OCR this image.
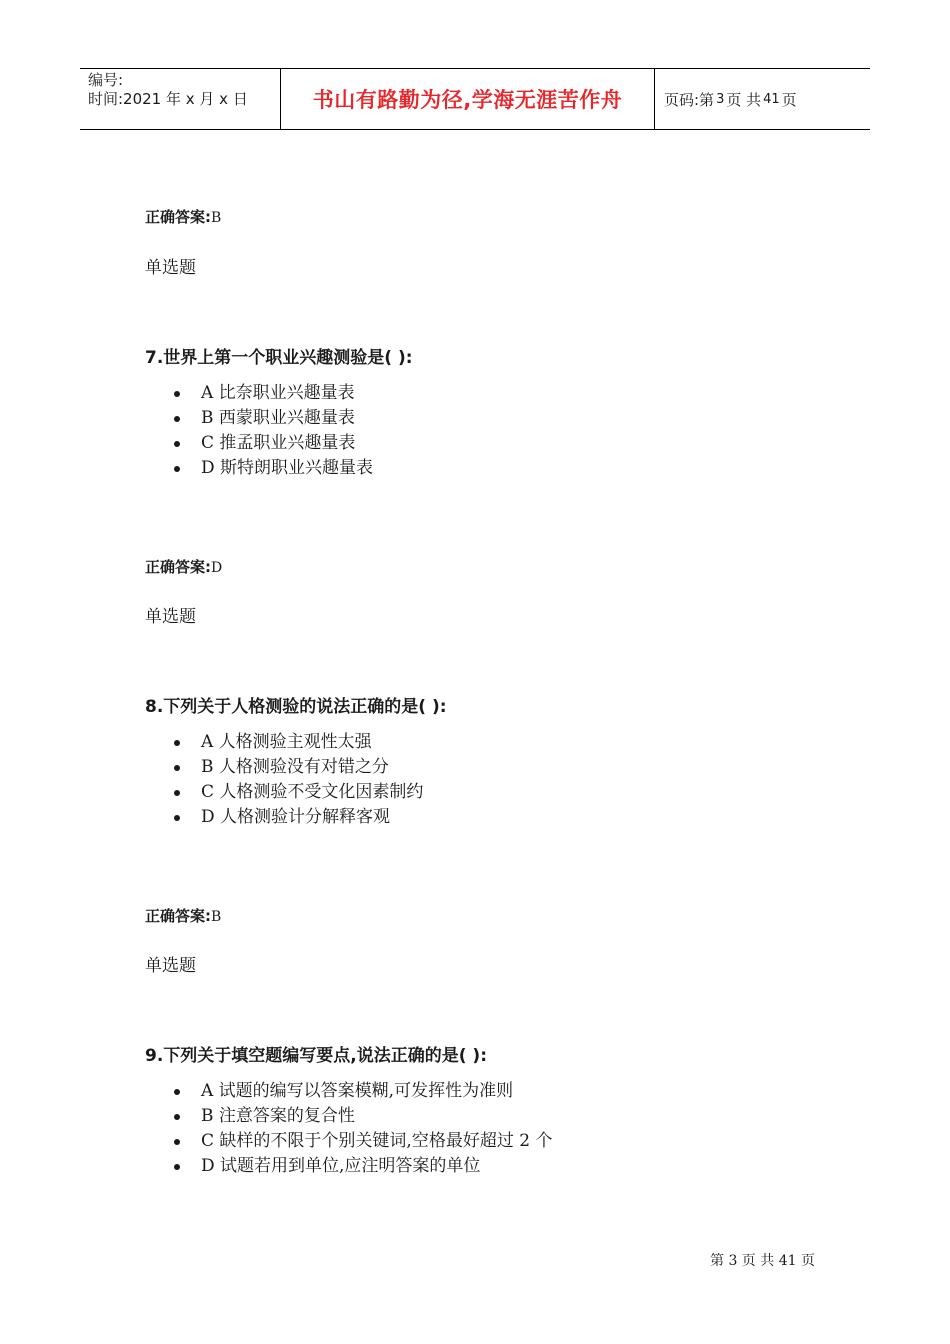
编号:
时间:2021 年 x 月 x 日	书山有路勤为径,学海无涯苦作舟	页码:第 3 页 共 41 页
正确答案:B
单选题
7.世界上第一个职业兴趣测验是( ):
A 比奈职业兴趣量表
B 西蒙职业兴趣量表
C 推孟职业兴趣量表
D 斯特朗职业兴趣量表
正确答案:D
单选题
8.下列关于人格测验的说法正确的是( ):
A 人格测验主观性太强
B 人格测验没有对错之分
C 人格测验不受文化因素制约
D 人格测验计分解释客观
正确答案:B
单选题
9.下列关于填空题编写要点,说法正确的是( ):
A 试题的编写以答案模糊,可发挥性为准则
B 注意答案的复合性
C 缺样的不限于个别关键词,空格最好超过 2 个
D 试题若用到单位,应注明答案的单位
第 3 页 共 41 页
